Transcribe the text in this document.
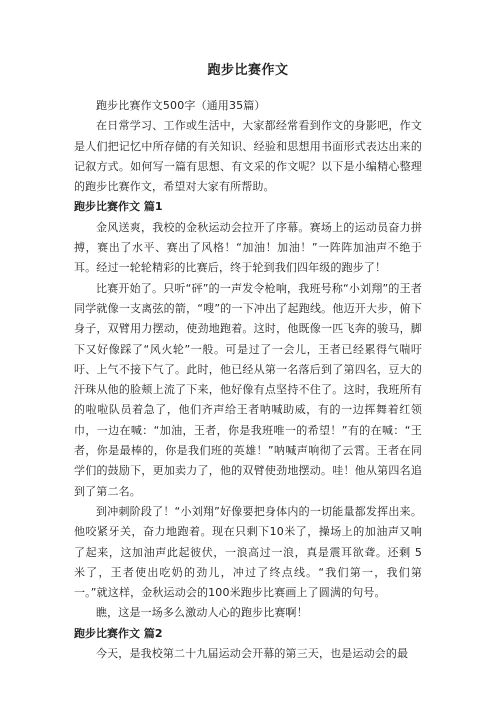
跑步比赛作文

跑步比赛作文500字（通用35篇）

在日常学习、工作或生活中，大家都经常看到作文的身影吧，作文是人们把记忆中所存储的有关知识、经验和思想用书面形式表达出来的记叙方式。如何写一篇有思想、有文采的作文呢？以下是小编精心整理的跑步比赛作文，希望对大家有所帮助。

跑步比赛作文 篇1

金风送爽，我校的金秋运动会拉开了序幕。赛场上的运动员奋力拼搏，赛出了水平、赛出了风格！“加油！加油！”一阵阵加油声不绝于耳。经过一轮轮精彩的比赛后，终于轮到我们四年级的跑步了！

比赛开始了。只听“砰”的一声发令枪响，我班号称“小刘翔”的王者同学就像一支离弦的箭，“嗖”的一下冲出了起跑线。他迈开大步，俯下身子，双臂用力摆动，使劲地跑着。这时，他既像一匹飞奔的骏马，脚下又好像踩了“风火轮”一般。可是过了一会儿，王者已经累得气喘吁吁、上气不接下气了。此时，他已经从第一名落后到了第四名，豆大的汗珠从他的脸颊上流了下来，他好像有点坚持不住了。这时，我班所有的啦啦队员着急了，他们齐声给王者呐喊助威，有的一边挥舞着红领巾，一边在喊：“加油，王者，你是我班唯一的希望！”有的在喊：“王者，你是最棒的，你是我们班的英雄！”呐喊声响彻了云霄。王者在同学们的鼓励下，更加卖力了，他的双臂使劲地摆动。哇！他从第四名追到了第二名。

到冲刺阶段了！“小刘翔”好像要把身体内的一切能量都发挥出来。他咬紧牙关，奋力地跑着。现在只剩下10米了，操场上的加油声又响了起来，这加油声此起彼伏，一浪高过一浪，真是震耳欲聋。还剩 5 米了，王者使出吃奶的劲儿，冲过了终点线。“我们第一，我们第一。”就这样，金秋运动会的100米跑步比赛画上了圆满的句号。

瞧，这是一场多么激动人心的跑步比赛啊！

跑步比赛作文 篇2

今天，是我校第二十九届运动会开幕的第三天，也是运动会的最
